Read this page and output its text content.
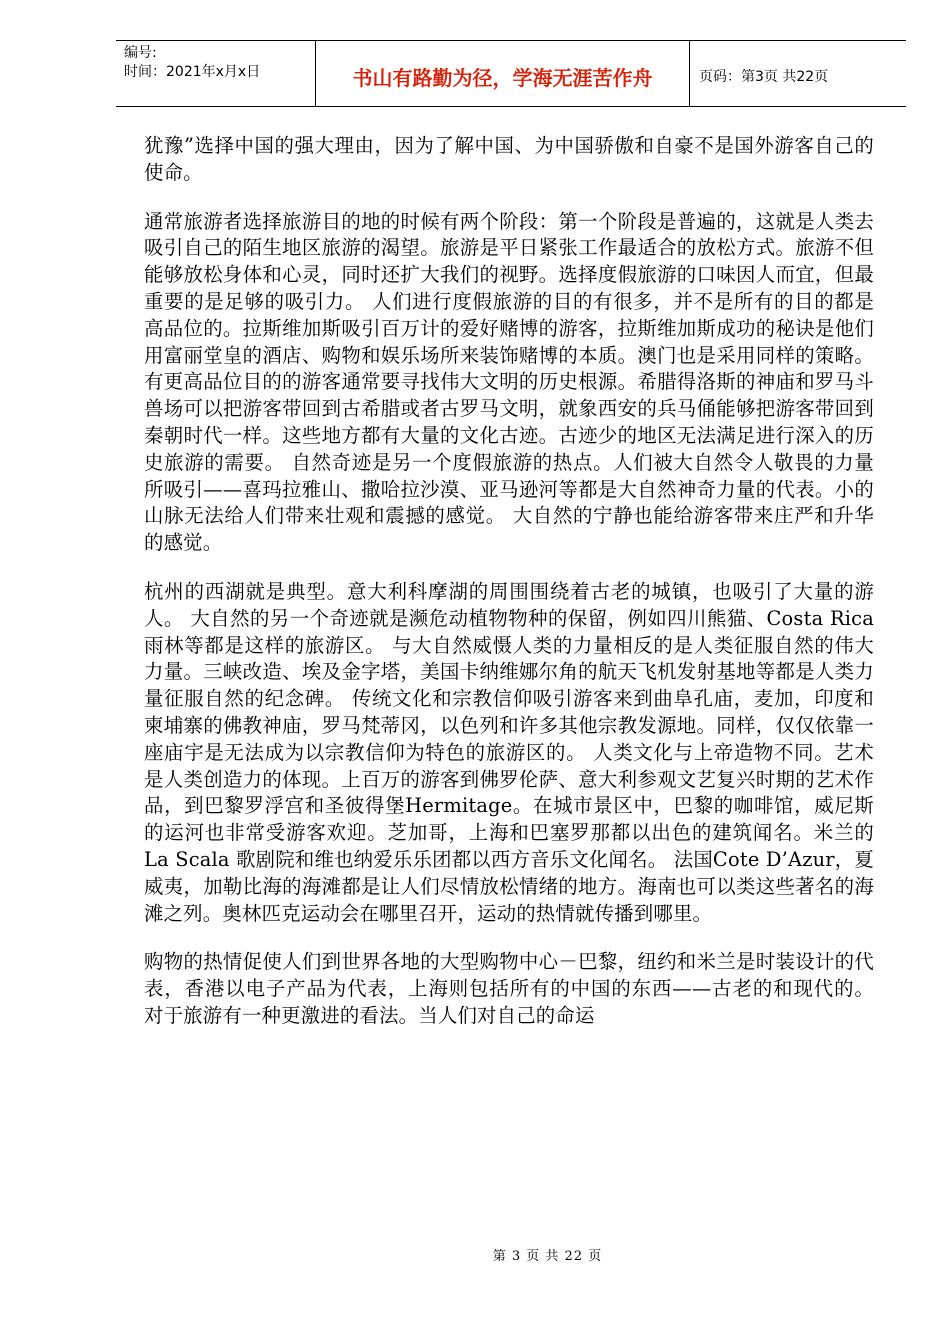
编号:
时间：2021年x月x日	书山有路勤为径，学海无涯苦作舟	页码：第3页 共22页

犹豫”选择中国的强大理由，因为了解中国、为中国骄傲和自豪不是国外游客自己的使命。

通常旅游者选择旅游目的地的时候有两个阶段：第一个阶段是普遍的，这就是人类去吸引自己的陌生地区旅游的渴望。旅游是平日紧张工作最适合的放松方式。旅游不但能够放松身体和心灵，同时还扩大我们的视野。选择度假旅游的口味因人而宜，但最重要的是足够的吸引力。 人们进行度假旅游的目的有很多，并不是所有的目的都是高品位的。拉斯维加斯吸引百万计的爱好赌博的游客，拉斯维加斯成功的秘诀是他们用富丽堂皇的酒店、购物和娱乐场所来装饰赌博的本质。澳门也是采用同样的策略。 有更高品位目的的游客通常要寻找伟大文明的历史根源。希腊得洛斯的神庙和罗马斗兽场可以把游客带回到古希腊或者古罗马文明，就象西安的兵马俑能够把游客带回到秦朝时代一样。这些地方都有大量的文化古迹。古迹少的地区无法满足进行深入的历史旅游的需要。 自然奇迹是另一个度假旅游的热点。人们被大自然令人敬畏的力量所吸引——喜玛拉雅山、撒哈拉沙漠、亚马逊河等都是大自然神奇力量的代表。小的山脉无法给人们带来壮观和震撼的感觉。 大自然的宁静也能给游客带来庄严和升华的感觉。

杭州的西湖就是典型。意大利科摩湖的周围围绕着古老的城镇，也吸引了大量的游人。 大自然的另一个奇迹就是濒危动植物物种的保留，例如四川熊猫、Costa Rica雨林等都是这样的旅游区。 与大自然威慑人类的力量相反的是人类征服自然的伟大力量。三峡改造、埃及金字塔，美国卡纳维娜尔角的航天飞机发射基地等都是人类力量征服自然的纪念碑。 传统文化和宗教信仰吸引游客来到曲阜孔庙，麦加，印度和柬埔寨的佛教神庙，罗马梵蒂冈，以色列和许多其他宗教发源地。同样，仅仅依靠一座庙宇是无法成为以宗教信仰为特色的旅游区的。 人类文化与上帝造物不同。艺术是人类创造力的体现。上百万的游客到佛罗伦萨、意大利参观文艺复兴时期的艺术作品，到巴黎罗浮宫和圣彼得堡Hermitage。在城市景区中，巴黎的咖啡馆，威尼斯的运河也非常受游客欢迎。芝加哥，上海和巴塞罗那都以出色的建筑闻名。米兰的La Scala 歌剧院和维也纳爱乐乐团都以西方音乐文化闻名。 法国Cote D’Azur，夏威夷，加勒比海的海滩都是让人们尽情放松情绪的地方。海南也可以类这些著名的海滩之列。奥林匹克运动会在哪里召开，运动的热情就传播到哪里。

购物的热情促使人们到世界各地的大型购物中心－巴黎，纽约和米兰是时装设计的代表，香港以电子产品为代表，上海则包括所有的中国的东西——古老的和现代的。 对于旅游有一种更激进的看法。当人们对自己的命运

第 3 页 共 22 页
